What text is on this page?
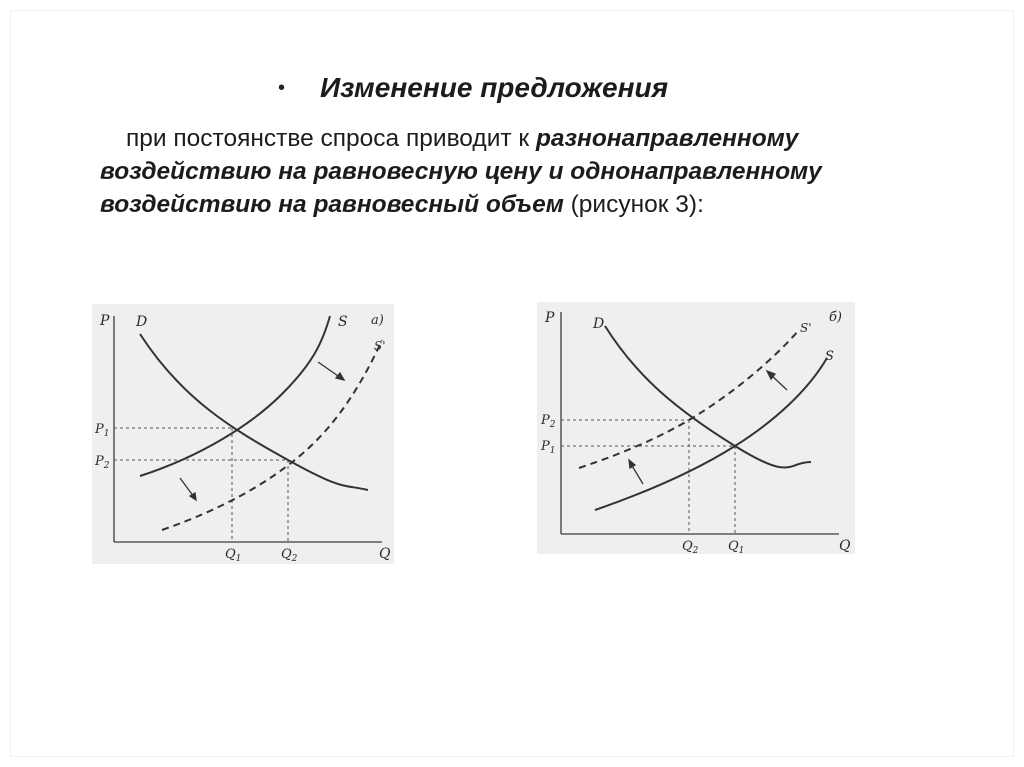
•	Изменение предложения
при постоянстве спроса приводит к разнонаправленному воздействию на равновесную цену и однонаправленному воздействию на равновесный объем (рисунок 3):
P D	S а)
S'
$P_1$
$P_2$
$Q_1$	$Q_2$	Q
P	D	б)
S'
S
$P_2$
$P_1$
$Q_2$ $Q_1$	Q
